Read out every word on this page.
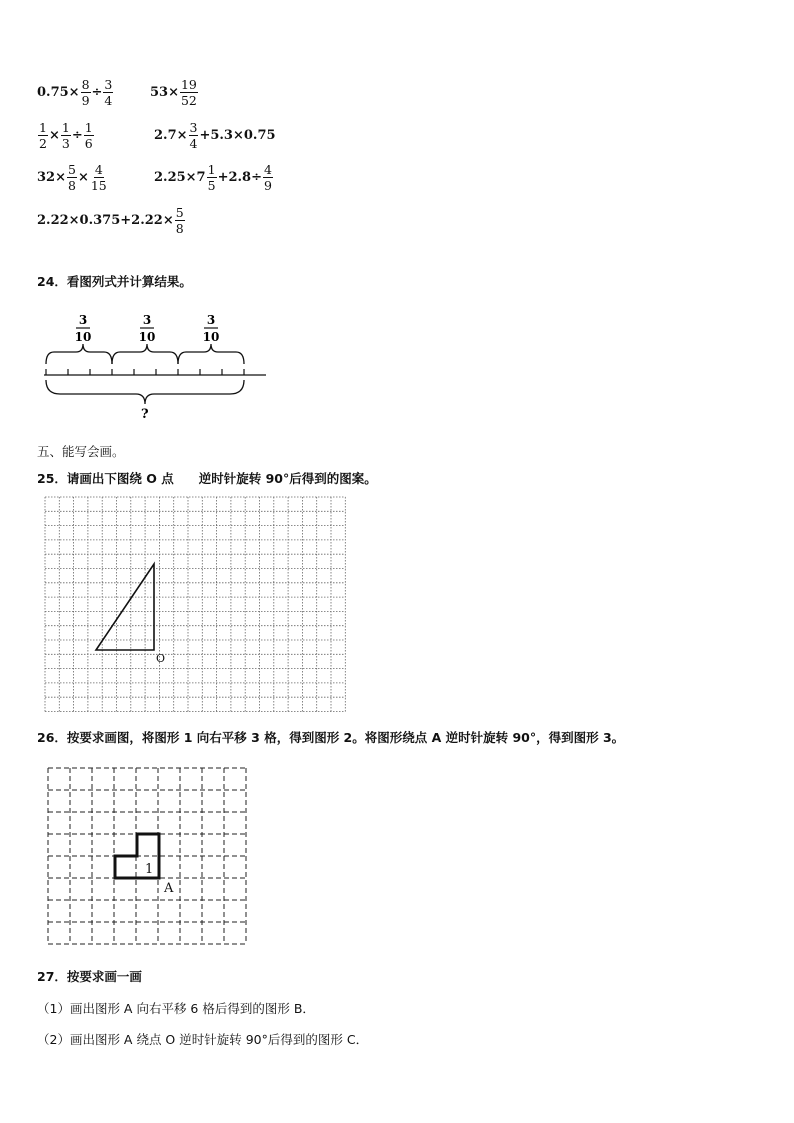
$0.75\times \frac{8}{9} \div \frac{3}{4}$	$53\times \frac{19}{52}$
$\frac{1}{2} \times \frac{1}{3} \div \frac{1}{6}$	$2.7\times \frac{3}{4} +5.3\times 0.75$
$32\times \frac{5}{8} \times \frac{4}{15}$	$2.25\times 7 \frac{1}{5} +2.8\div \frac{4}{9}$
$2.22\times 0.375+2.22\times \frac{5}{8}$
24．看图列式并计算结果。
3
10
3
10
3
10
?
五、能写会画。
25．请画出下图绕 O 点　　逆时针旋转 90°后得到的图案。
O
26．按要求画图，将图形 1 向右平移 3 格，得到图形 2。将图形绕点 A 逆时针旋转 90°，得到图形 3。
1
A
27．按要求画一画
（1）画出图形 A 向右平移 6 格后得到的图形 B．
（2）画出图形 A 绕点 O 逆时针旋转 90°后得到的图形 C．
